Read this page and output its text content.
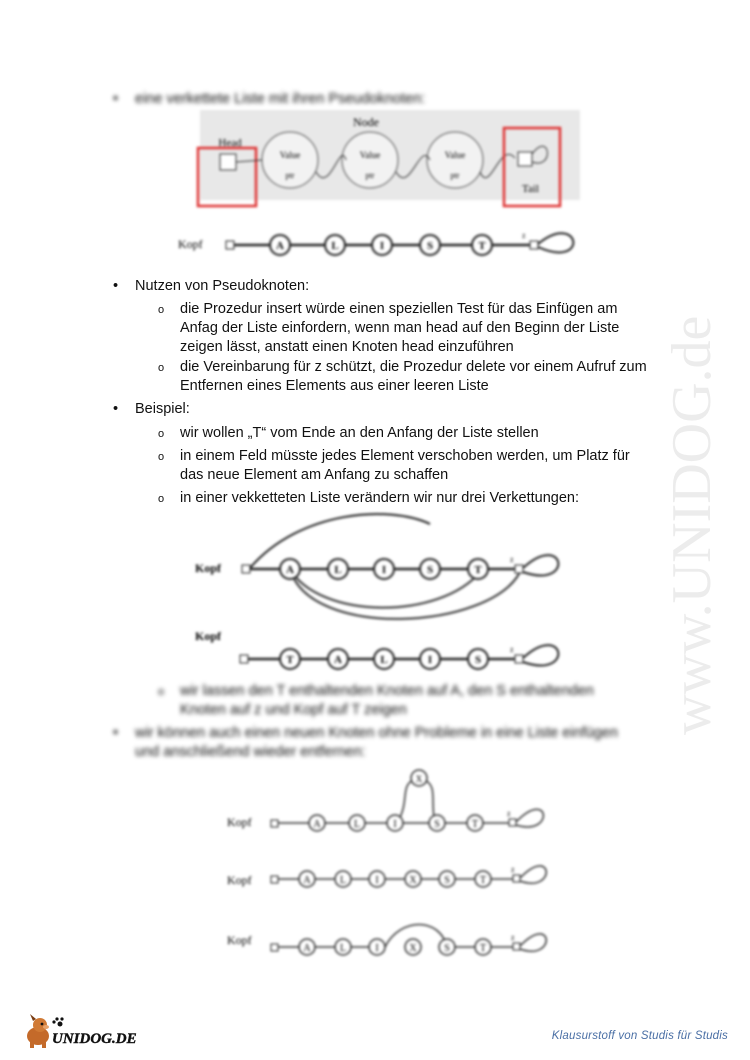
• eine verkettete Liste mit ihren Pseudoknoten:
Node
Head
Value	Value	Value
ptr	ptr	ptr
Tail
Kopf	A	L	I	S	T
z
• Nutzen von Pseudoknoten:
o die Prozedur insert würde einen speziellen Test für das Einfügen am Anfag der Liste einfordern, wenn man head auf den Beginn der Liste zeigen lässt, anstatt einen Knoten head einzuführen
o die Vereinbarung für z schützt, die Prozedur delete vor einem Aufruf zum Entfernen eines Elements aus einer leeren Liste
• Beispiel:
o wir wollen „T“ vom Ende an den Anfang der Liste stellen
o in einem Feld müsste jedes Element verschoben werden, um Platz für das neue Element am Anfang zu schaffen
o in einer vekketteten Liste verändern wir nur drei Verkettungen:
Kopf	A	L	I	S	T
z
Kopf
T	A	L	I	S
z
o wir lassen den T enthaltenden Knoten auf A, den S enthaltenden Knoten auf z und Kopf auf T zeigen
• wir können auch einen neuen Knoten ohne Probleme in eine Liste einfügen und anschließend wieder entfernen:
Kopf
X
A	L	I	S	T
z
Kopf	A	L	I	X	S	T
z
Kopf
A	L	I	X	S	T
z
www.UNIDOG.de
UNIDOG.DE	Klausurstoff von Studis für Studis
